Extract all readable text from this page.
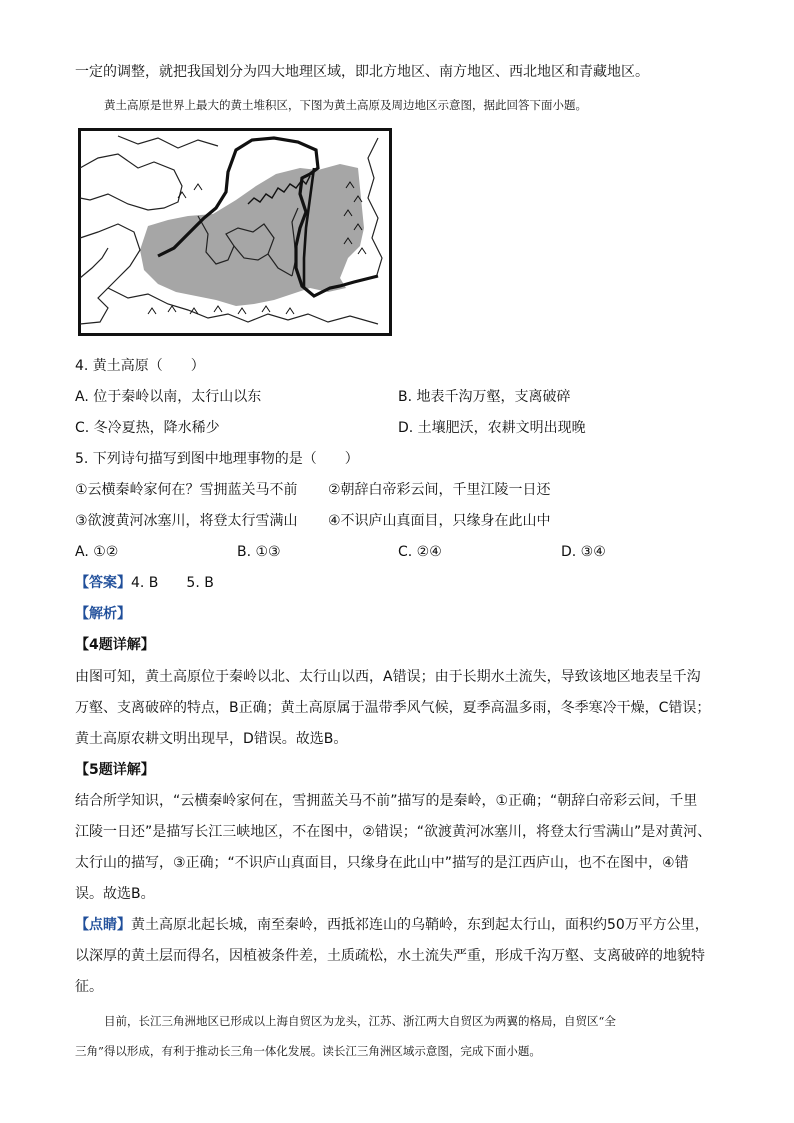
一定的调整，就把我国划分为四大地理区域，即北方地区、南方地区、西北地区和青藏地区。
黄土高原是世界上最大的黄土堆积区，下图为黄土高原及周边地区示意图，据此回答下面小题。
4. 黄土高原（　　）
A. 位于秦岭以南，太行山以东	B. 地表千沟万壑，支离破碎
C. 冬冷夏热，降水稀少	D. 土壤肥沃，农耕文明出现晚
5. 下列诗句描写到图中地理事物的是（　　）
①云横秦岭家何在？雪拥蓝关马不前 ②朝辞白帝彩云间，千里江陵一日还
③欲渡黄河冰塞川，将登太行雪满山 ④不识庐山真面目，只缘身在此山中
A. ①②	B. ①③	C. ②④	D. ③④
【答案】4. B　　5. B
【解析】
【4题详解】
由图可知，黄土高原位于秦岭以北、太行山以西，A错误；由于长期水土流失，导致该地区地表呈千沟
万壑、支离破碎的特点，B正确；黄土高原属于温带季风气候，夏季高温多雨，冬季寒冷干燥，C错误；
黄土高原农耕文明出现早，D错误。故选B。
【5题详解】
结合所学知识，“云横秦岭家何在，雪拥蓝关马不前”描写的是秦岭，①正确；“朝辞白帝彩云间，千里
江陵一日还”是描写长江三峡地区，不在图中，②错误；“欲渡黄河冰塞川，将登太行雪满山”是对黄河、
太行山的描写，③正确；“不识庐山真面目，只缘身在此山中”描写的是江西庐山，也不在图中，④错
误。故选B。
【点睛】黄土高原北起长城，南至秦岭，西抵祁连山的乌鞘岭，东到起太行山，面积约50万平方公里，
以深厚的黄土层而得名，因植被条件差，土质疏松，水土流失严重，形成千沟万壑、支离破碎的地貌特
征。
目前，长江三角洲地区已形成以上海自贸区为龙头，江苏、浙江两大自贸区为两翼的格局，自贸区“全
三角”得以形成，有利于推动长三角一体化发展。读长江三角洲区域示意图，完成下面小题。
